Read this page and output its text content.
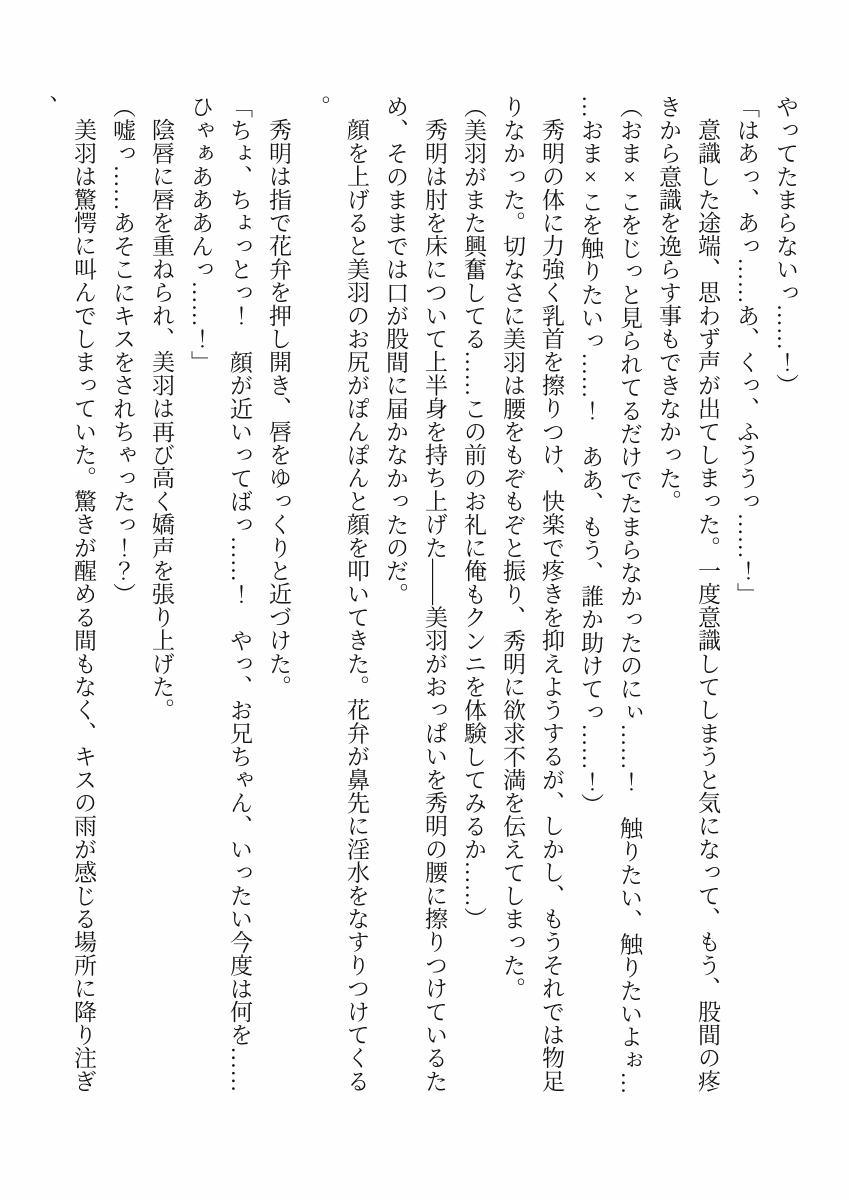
やってたまらないっ……！）

「はあっ、あっ……あ、くっ、ふううっ……！」

意識した途端、思わず声が出てしまった。一度意識してしまうと気になって、もう、股間の疼きから意識を逸らす事もできなかった。

（おま×こをじっと見られてるだけでたまらなかったのにぃ……！　触りたい、触りたいよぉ……おま×こを触りたいっ……！　ああ、もう、誰か助けてっ……！）

秀明の体に力強く乳首を擦りつけ、快楽で疼きを抑えようするが、しかし、もうそれでは物足りなかった。切なさに美羽は腰をもぞもぞと振り、秀明に欲求不満を伝えてしまった。

（美羽がまた興奮してる……この前のお礼に俺もクンニを体験してみるか……）

秀明は肘を床について上半身を持ち上げた――美羽がおっぱいを秀明の腰に擦りつけているため、そのままでは口が股間に届かなかったのだ。

顔を上げると美羽のお尻がぽんぽんと顔を叩いてきた。花弁が鼻先に淫水をなすりつけてくる。

秀明は指で花弁を押し開き、唇をゆっくりと近づけた。

「ちょ、ちょっとっ！　顔が近いってばっ……！　やっ、お兄ちゃん、いったい今度は何を……ひゃぁあああんっ……！」

陰唇に唇を重ねられ、美羽は再び高く嬌声を張り上げた。

（嘘っ……あそこにキスをされちゃったっ！？）

美羽は驚愕に叫んでしまっていた。驚きが醒める間もなく、キスの雨が感じる場所に降り注ぎ、
